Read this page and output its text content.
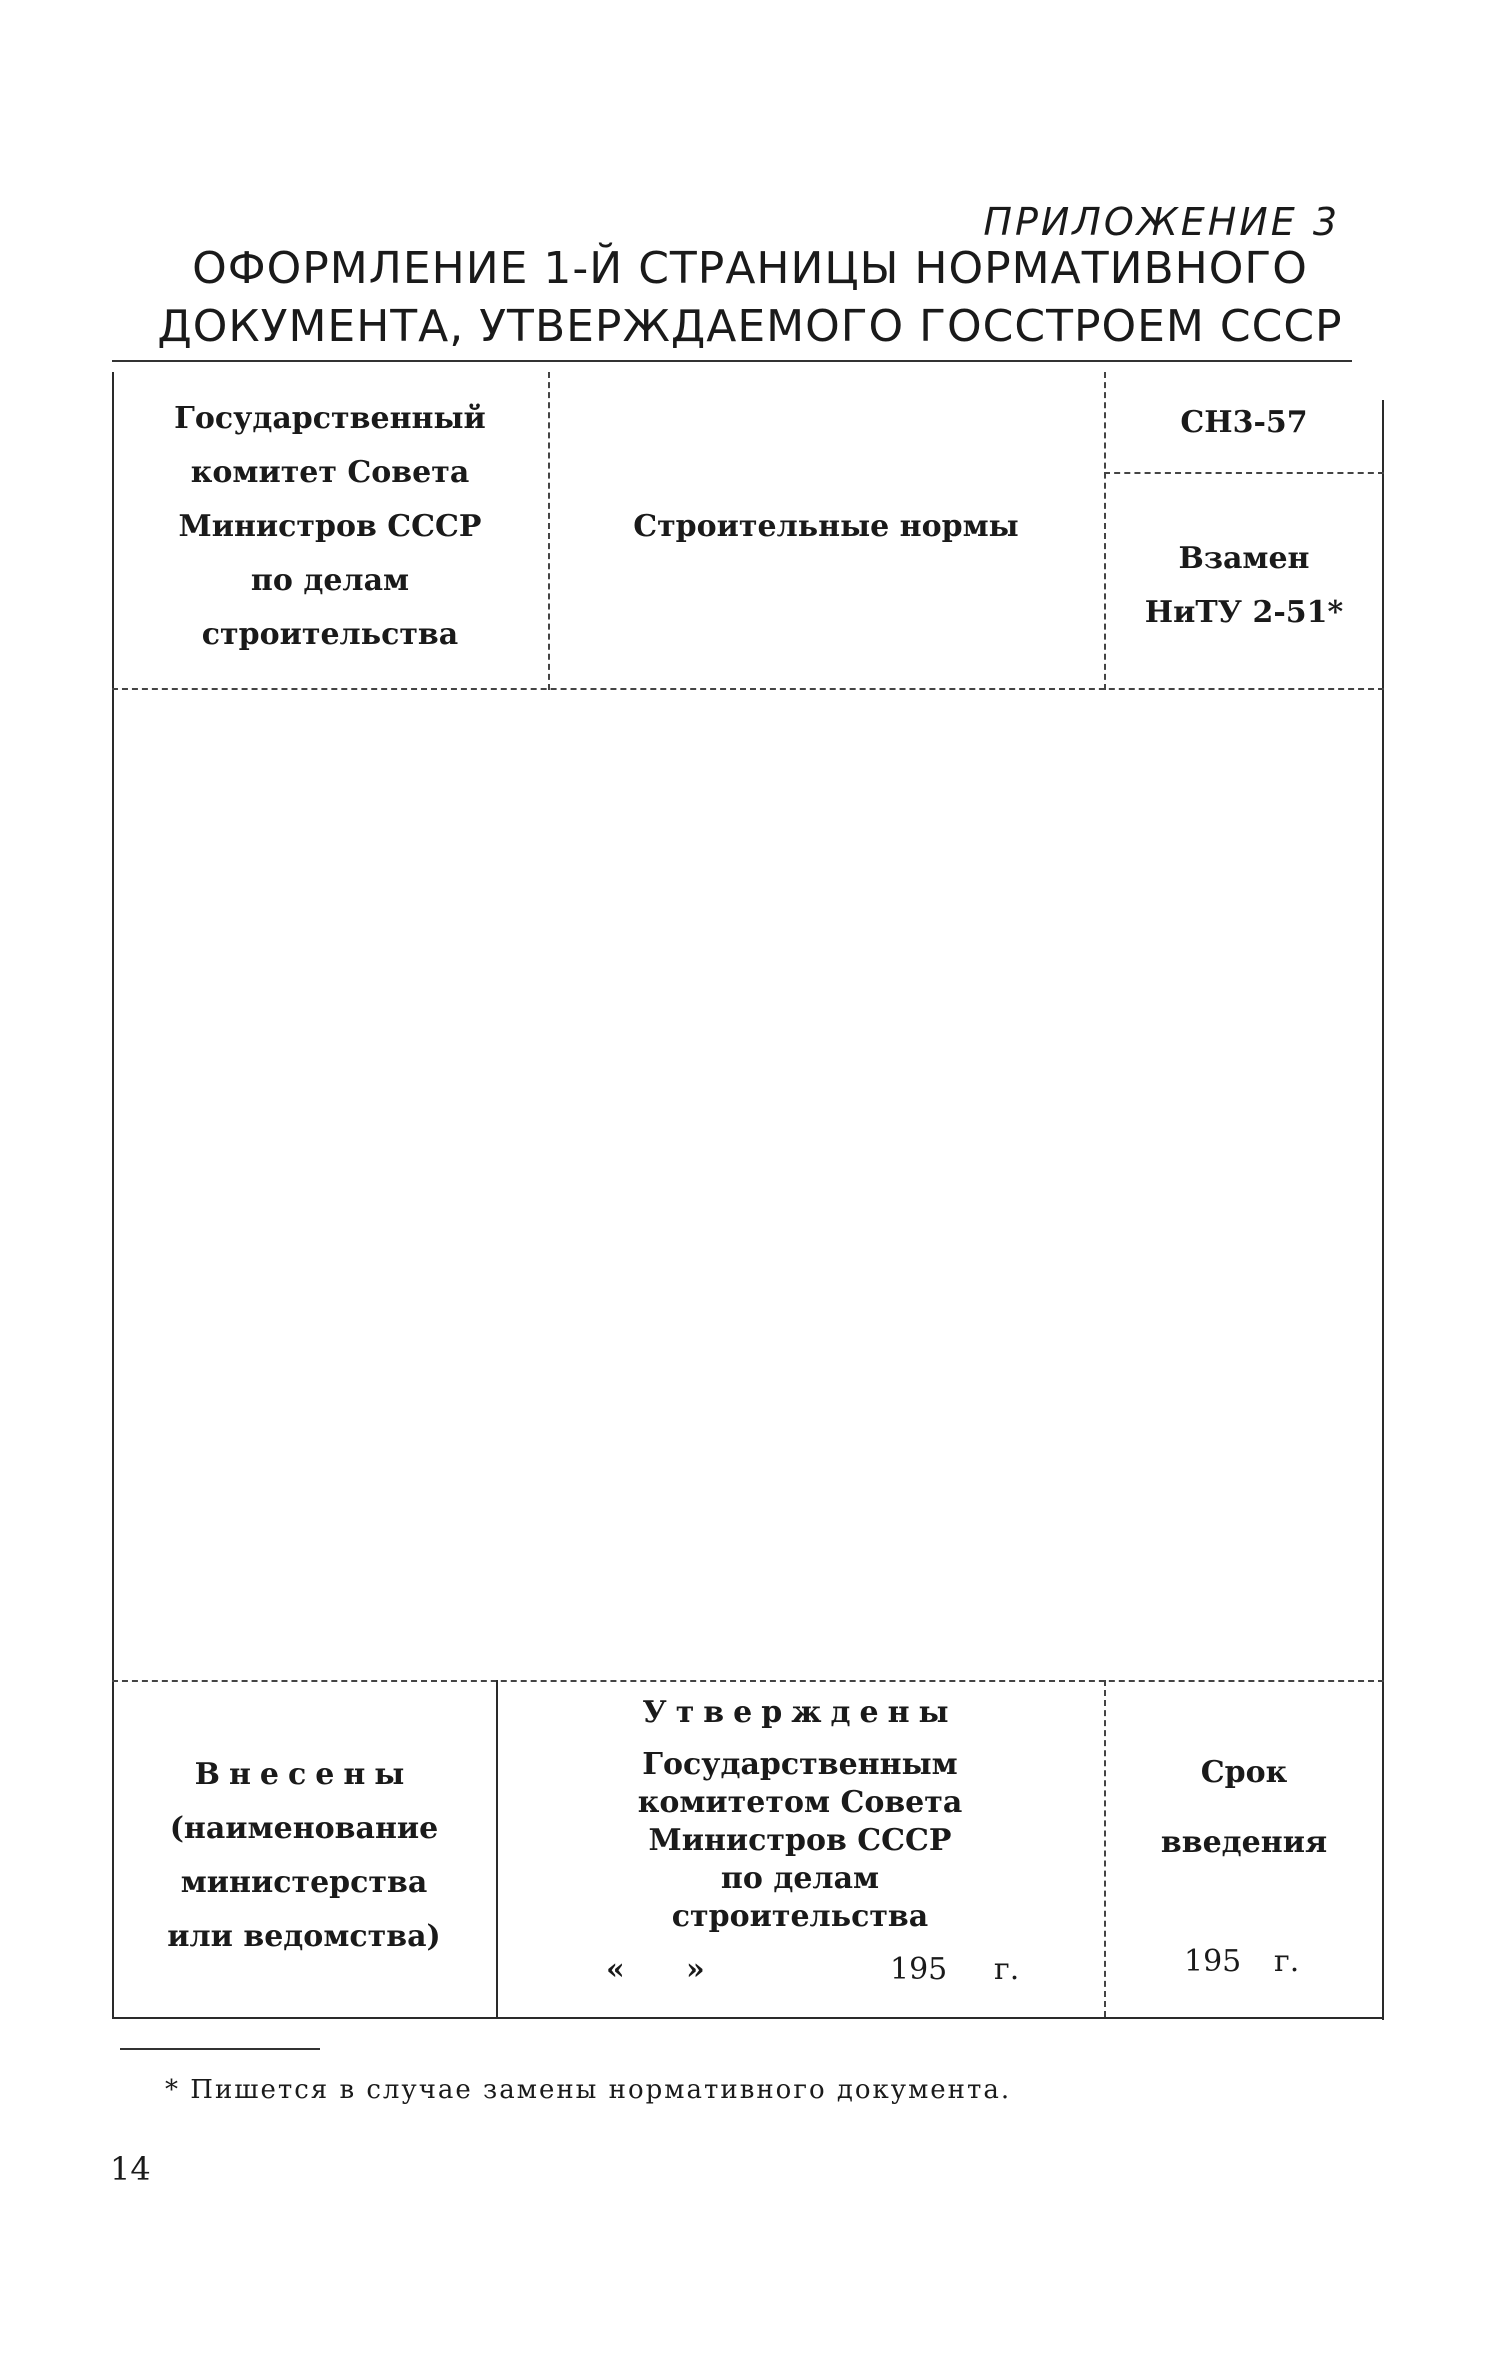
ПРИЛОЖЕНИЕ 3
ОФОРМЛЕНИЕ 1-Й СТРАНИЦЫ НОРМАТИВНОГО
ДОКУМЕНТА, УТВЕРЖДАЕМОГО ГОССТРОЕМ СССР
Государственный
комитет Совета
Министров СССР
по делам
строительства
Строительные нормы
СН3-57
Взамен
НиТУ 2-51*
Внесены
(наименование
министерства
или ведомства)
Утверждены
Государственным
комитетом Совета
Министров СССР
по делам
строительства
« »	195 г.
Срок
введения
195 г.
* Пишется в случае замены нормативного документа.
14
